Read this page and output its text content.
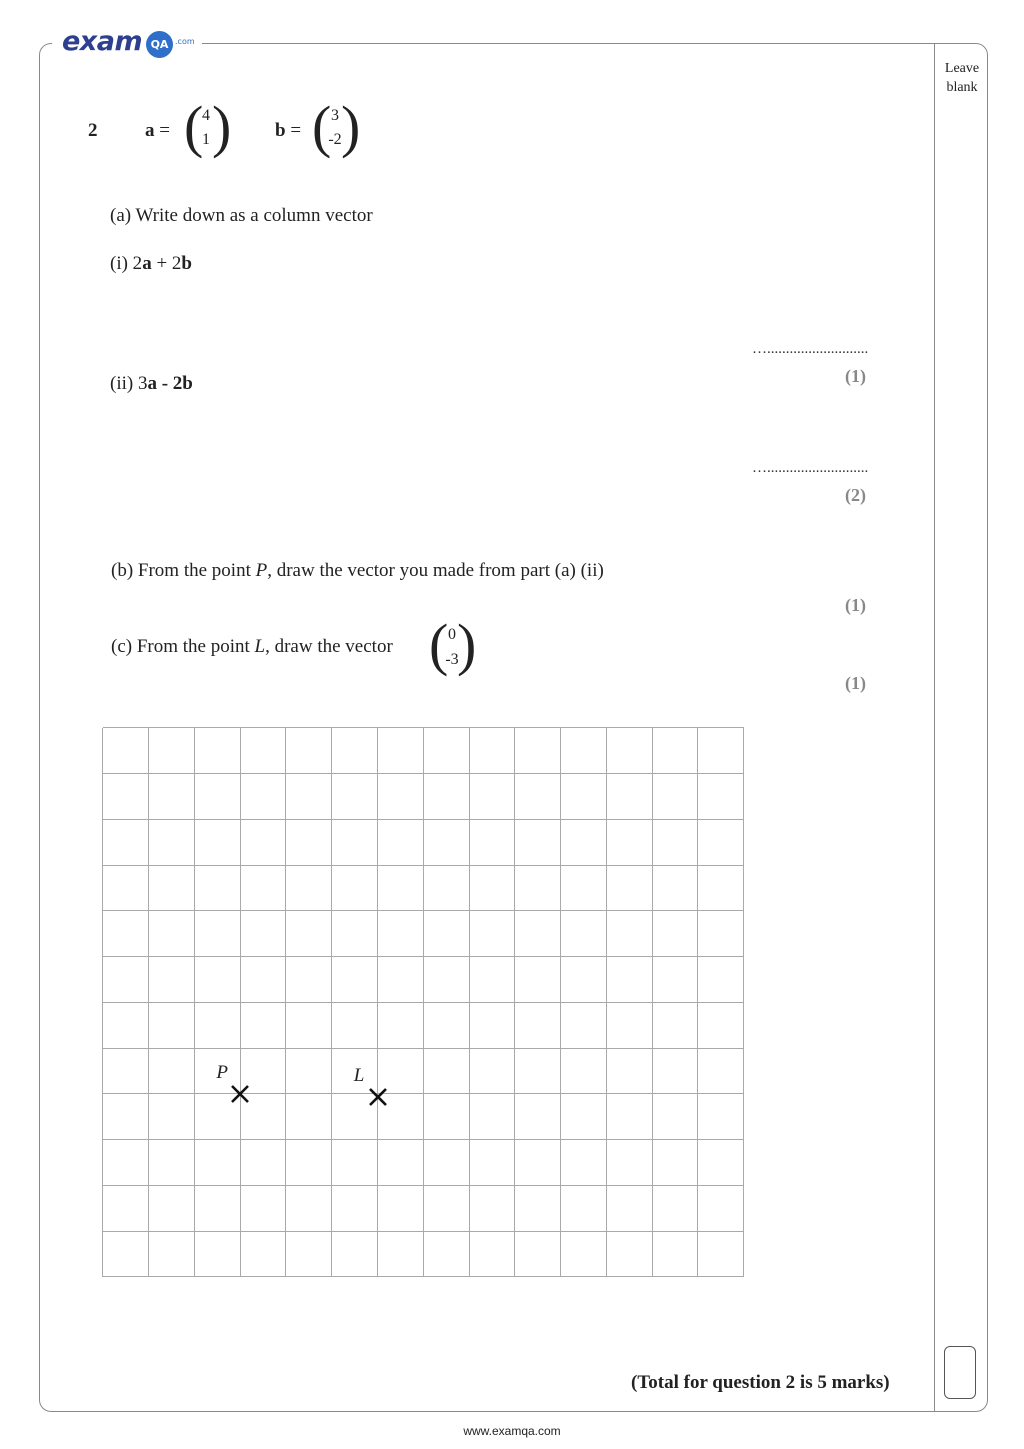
exam QA .com
Leave
blank
2	a = (
4
1 ) b = ( 3
-2 )
(a) Write down as a column vector
(i) 2a + 2b
…...........................
(1)
(ii) 3a - 2b
…...........................
(2)
(b) From the point P, draw the vector you made from part (a) (ii)
(1)
(c) From the point L, draw the vector ( 0
-3
)
(1)
P	L
(Total for question 2 is 5 marks)
www.examqa.com
